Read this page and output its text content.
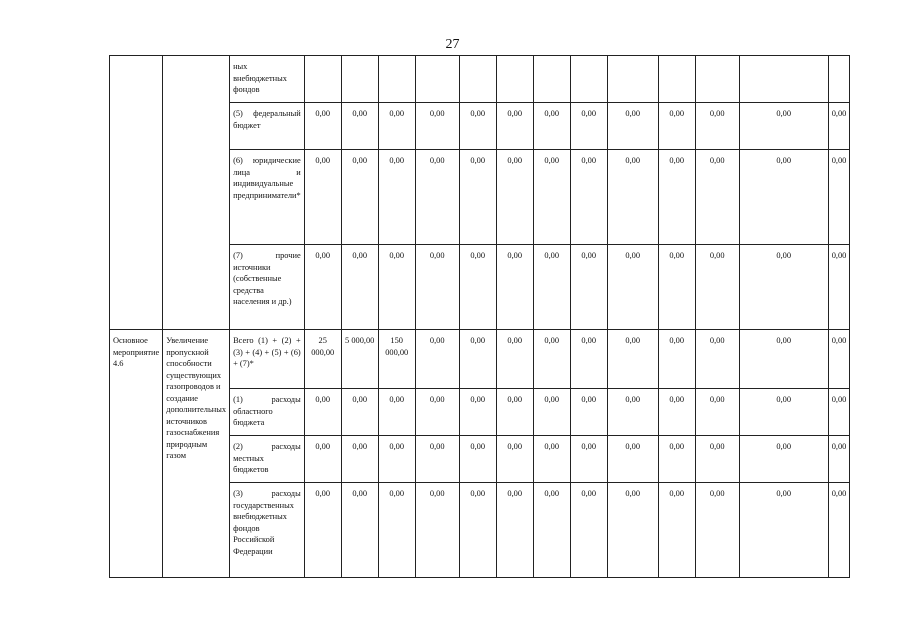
27
		ных внебюджетных фондов													
		(5) федеральный бюджет	0,00	0,00	0,00	0,00	0,00	0,00	0,00	0,00	0,00	0,00	0,00	0,00	0,00
		(6) юридические лица и индивидуальные предприниматели*	0,00	0,00	0,00	0,00	0,00	0,00	0,00	0,00	0,00	0,00	0,00	0,00	0,00
		(7) прочие источники (собственные средства населения и др.)	0,00	0,00	0,00	0,00	0,00	0,00	0,00	0,00	0,00	0,00	0,00	0,00	0,00
Основное мероприятие 4.6	Увеличение пропускной способности существующих газопроводов и создание дополнительных источников газоснабжения природным газом	Всего (1) + (2) + (3) + (4) + (5) + (6) + (7)*	25 000,00	5 000,00	150 000,00	0,00	0,00	0,00	0,00	0,00	0,00	0,00	0,00	0,00	0,00
		(1) расходы областного бюджета	0,00	0,00	0,00	0,00	0,00	0,00	0,00	0,00	0,00	0,00	0,00	0,00	0,00
		(2) расходы местных бюджетов	0,00	0,00	0,00	0,00	0,00	0,00	0,00	0,00	0,00	0,00	0,00	0,00	0,00
		(3) расходы государственных внебюджетных фондов Российской Федерации	0,00	0,00	0,00	0,00	0,00	0,00	0,00	0,00	0,00	0,00	0,00	0,00	0,00
